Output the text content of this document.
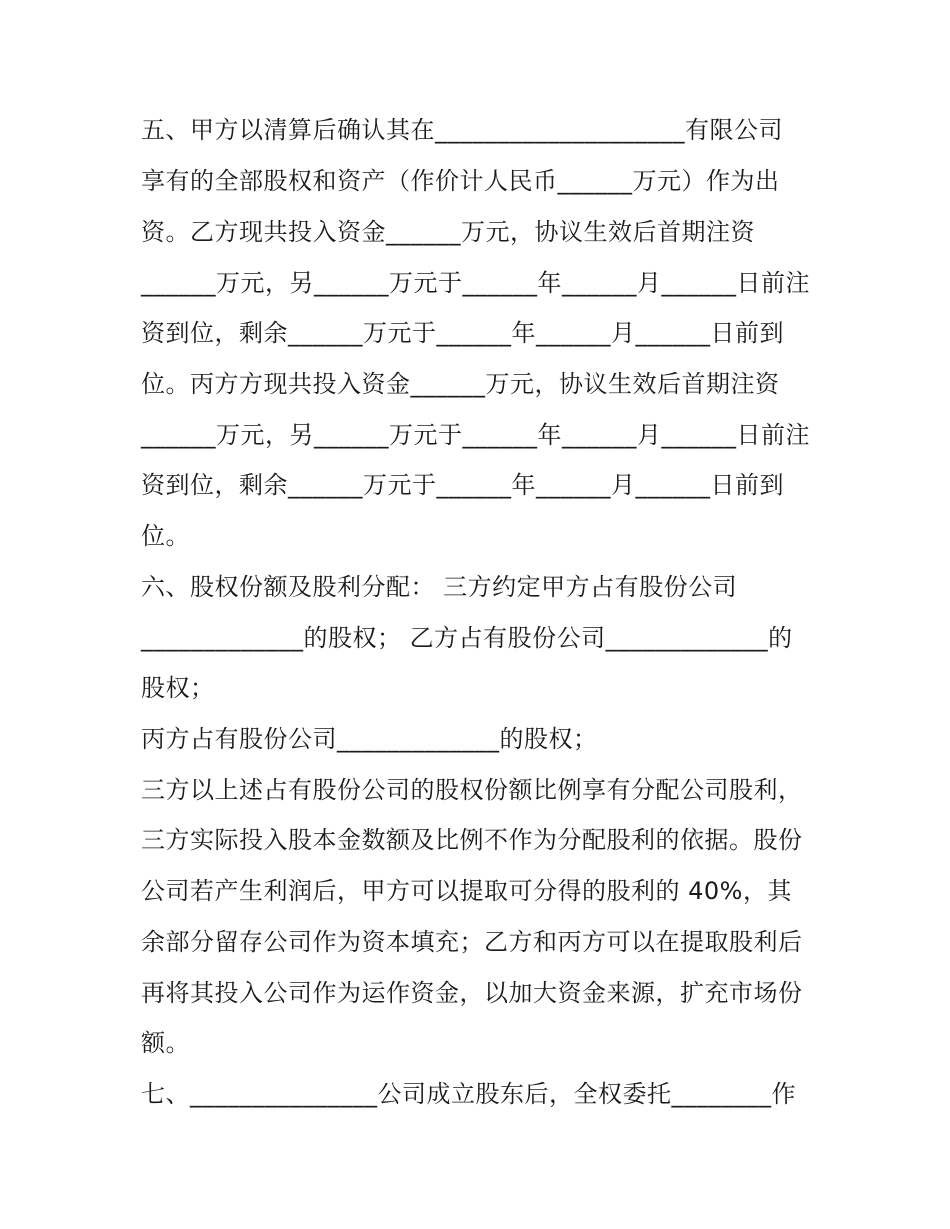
五、甲方以清算后确认其在____________________有限公司
享有的全部股权和资产（作价计人民币______万元）作为出
资。乙方现共投入资金______万元，协议生效后首期注资
______万元，另______万元于______年______月______日前注
资到位，剩余______万元于______年______月______日前到
位。丙方方现共投入资金______万元，协议生效后首期注资
______万元，另______万元于______年______月______日前注
资到位，剩余______万元于______年______月______日前到
位。
六、股权份额及股利分配： 三方约定甲方占有股份公司
_____________的股权； 乙方占有股份公司_____________的
股权；
丙方占有股份公司_____________的股权；
三方以上述占有股份公司的股权份额比例享有分配公司股利，
三方实际投入股本金数额及比例不作为分配股利的依据。股份
公司若产生利润后，甲方可以提取可分得的股利的 40%，其
余部分留存公司作为资本填充；乙方和丙方可以在提取股利后
再将其投入公司作为运作资金，以加大资金来源，扩充市场份
额。
七、_______________公司成立股东后，全权委托________作
